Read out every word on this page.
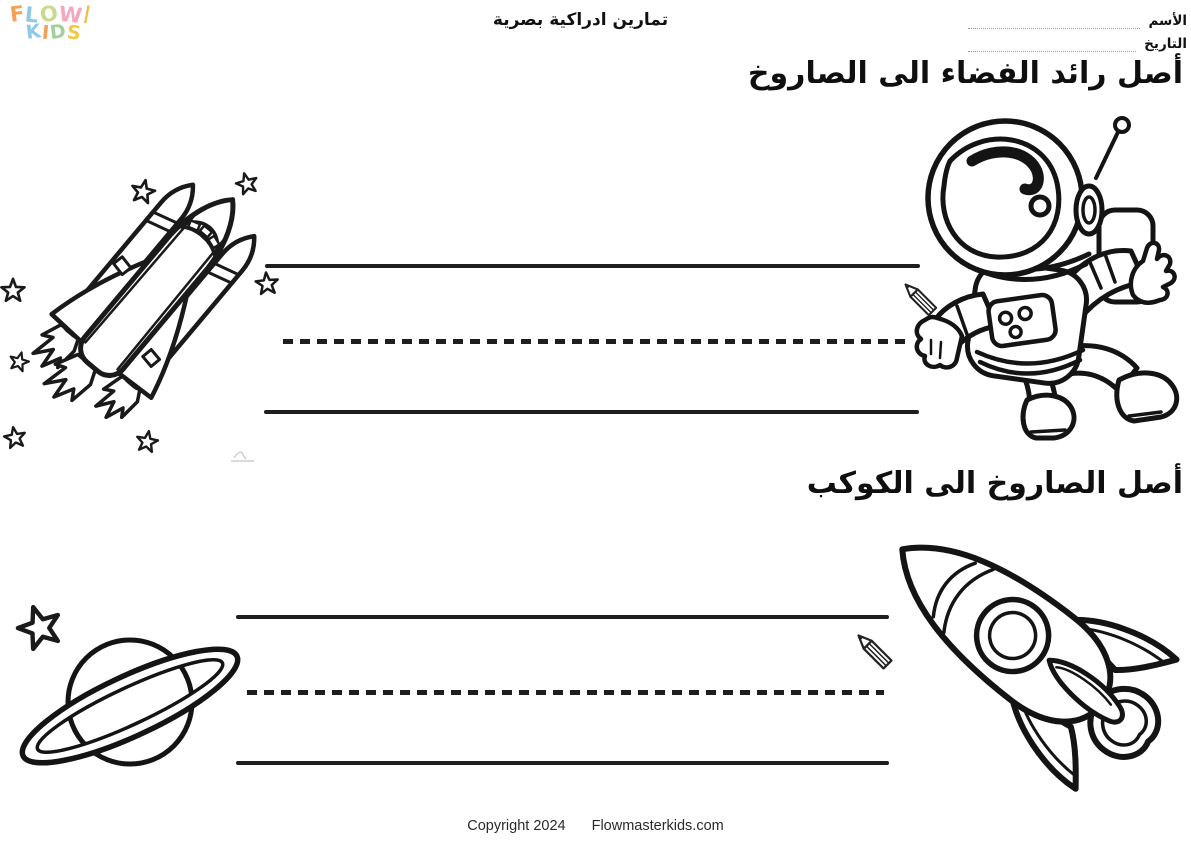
FLOW/
KIDS
تمارين ادراكية بصرية	الأسم
التاريخ
أصل رائد الفضاء الى الصاروخ
أصل الصاروخ الى الكوكب
Copyright 2024 Flowmasterkids.com
